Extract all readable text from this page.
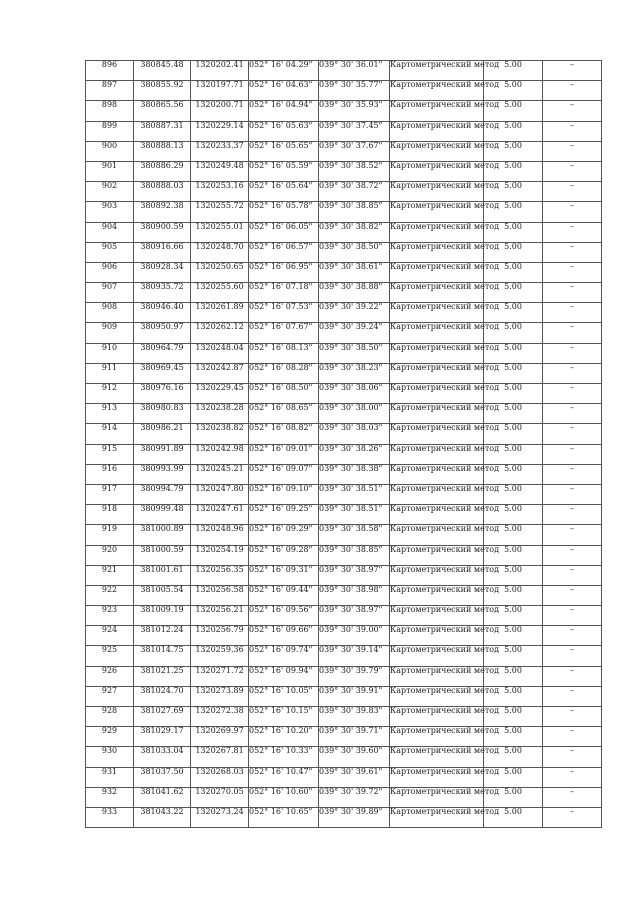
896	380845.48	1320202.41	052° 16' 04.29"	039° 30' 36.01"	Картометрический метод	5.00	–
897	380855.92	1320197.71	052° 16' 04.63"	039° 30' 35.77"	Картометрический метод	5.00	–
898	380865.56	1320200.71	052° 16' 04.94"	039° 30' 35.93"	Картометрический метод	5.00	–
899	380887.31	1320229.14	052° 16' 05.63"	039° 30' 37.45"	Картометрический метод	5.00	–
900	380888.13	1320233.37	052° 16' 05.65"	039° 30' 37.67"	Картометрический метод	5.00	–
901	380886.29	1320249.48	052° 16' 05.59"	039° 30' 38.52"	Картометрический метод	5.00	–
902	380888.03	1320253.16	052° 16' 05.64"	039° 30' 38.72"	Картометрический метод	5.00	–
903	380892.38	1320255.72	052° 16' 05.78"	039° 30' 38.85"	Картометрический метод	5.00	–
904	380900.59	1320255.01	052° 16' 06.05"	039° 30' 38.82"	Картометрический метод	5.00	–
905	380916.66	1320248.70	052° 16' 06.57"	039° 30' 38.50"	Картометрический метод	5.00	–
906	380928.34	1320250.65	052° 16' 06.95"	039° 30' 38.61"	Картометрический метод	5.00	–
907	380935.72	1320255.60	052° 16' 07.18"	039° 30' 38.88"	Картометрический метод	5.00	–
908	380946.40	1320261.89	052° 16' 07.53"	039° 30' 39.22"	Картометрический метод	5.00	–
909	380950.97	1320262.12	052° 16' 07.67"	039° 30' 39.24"	Картометрический метод	5.00	–
910	380964.79	1320248.04	052° 16' 08.13"	039° 30' 38.50"	Картометрический метод	5.00	–
911	380969.45	1320242.87	052° 16' 08.28"	039° 30' 38.23"	Картометрический метод	5.00	–
912	380976.16	1320229.45	052° 16' 08.50"	039° 30' 38.06"	Картометрический метод	5.00	–
913	380980.83	1320238.28	052° 16' 08.65"	039° 30' 38.00"	Картометрический метод	5.00	–
914	380986.21	1320238.82	052° 16' 08.82"	039° 30' 38.03"	Картометрический метод	5.00	–
915	380991.89	1320242.98	052° 16' 09.01"	039° 30' 38.26"	Картометрический метод	5.00	–
916	380993.99	1320245.21	052° 16' 09.07"	039° 30' 38.38"	Картометрический метод	5.00	–
917	380994.79	1320247.80	052° 16' 09.10"	039° 30' 38.51"	Картометрический метод	5.00	–
918	380999.48	1320247.61	052° 16' 09.25"	039° 30' 38.51"	Картометрический метод	5.00	–
919	381000.89	1320248.96	052° 16' 09.29"	039° 30' 38.58"	Картометрический метод	5.00	–
920	381000.59	1320254.19	052° 16' 09.28"	039° 30' 38.85"	Картометрический метод	5.00	–
921	381001.61	1320256.35	052° 16' 09.31"	039° 30' 38.97"	Картометрический метод	5.00	–
922	381005.54	1320256.58	052° 16' 09.44"	039° 30' 38.98"	Картометрический метод	5.00	–
923	381009.19	1320256.21	052° 16' 09.56"	039° 30' 38.97"	Картометрический метод	5.00	–
924	381012.24	1320256.79	052° 16' 09.66"	039° 30' 39.00"	Картометрический метод	5.00	–
925	381014.75	1320259.36	052° 16' 09.74"	039° 30' 39.14"	Картометрический метод	5.00	–
926	381021.25	1320271.72	052° 16' 09.94"	039° 30' 39.79"	Картометрический метод	5.00	–
927	381024.70	1320273.89	052° 16' 10.05"	039° 30' 39.91"	Картометрический метод	5.00	–
928	381027.69	1320272.38	052° 16' 10.15"	039° 30' 39.83"	Картометрический метод	5.00	–
929	381029.17	1320269.97	052° 16' 10.20"	039° 30' 39.71"	Картометрический метод	5.00	–
930	381033.04	1320267.81	052° 16' 10.33"	039° 30' 39.60"	Картометрический метод	5.00	–
931	381037.50	1320268.03	052° 16' 10.47"	039° 30' 39.61"	Картометрический метод	5.00	–
932	381041.62	1320270.05	052° 16' 10.60"	039° 30' 39.72"	Картометрический метод	5.00	–
933	381043.22	1320273.24	052° 16' 10.65"	039° 30' 39.89"	Картометрический метод	5.00	–
